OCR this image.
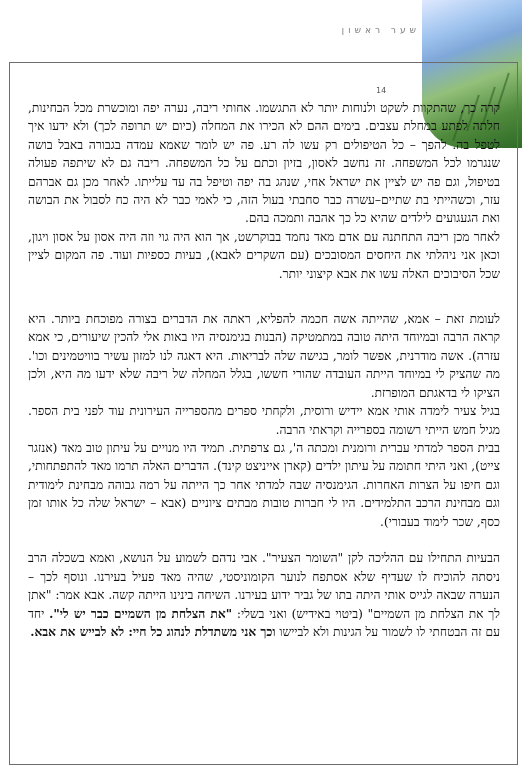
שער ראשון
14

קרה כך, שהתקוות לשקט ולנוחות יותר לא התגשמו. אחותי ריבה, נערה יפה ומוכשרת מכל הבחינות, חלתה לפתע במחלת עצבים. בימים ההם לא הכירו את המחלה (כיום יש תרופה לכך) ולא ידעו איך לטפל בה. להפך – כל הטיפולים רק עשו לה רע. פה יש לומר שאמא עמדה בגבורה באבל בושה שנגרמו לכל המשפחה. זה נחשב לאסון, בזיון וכתם על כל המשפחה. ריבה גם לא שיתפה פעולה בטיפול, וגם פה יש לציין את ישראל אחי, שנהג בה יפה וטיפל בה עד עלייתו. לאחר מכן גם אברהם עזר, וכשהייתי בת שתיים–עשרה כבר סחבתי בעול הזה, כי לאמי כבר לא היה כח לסבול את הבושה ואת הגעגועים לילדים שהיא כל כך אהבה ותמכה בהם.

לאחר מכן ריבה התחתנה עם אדם מאד נחמד בבוקרשט, אך הוא היה גוי וזה היה אסון על אסון ויגון, וכאן אני ניהלתי את היחסים המסובכים (עם השקרים לאבא), בעיות כספיות ועוד. פה המקום לציין שכל הסיבוכים האלה עשו את אבא קיצוני יותר.

לעומת זאת – אמא, שהייתה אשה חכמה להפליא, ראתה את הדברים בצורה מפוכחת ביותר. היא קראה הרבה ובמיוחד היתה טובה במתמטיקה (הבנות בגימנסיה היו באות אלי להכין שיעורים, כי אמא עזרה). אשה מודרנית, אפשר לומר, בגישה שלה לבריאות. היא דאגה לנו למזון עשיר בוויטמינים וכו'. מה שהציק לי במיוחד הייתה העובדה שהורי חששו, בגלל המחלה של ריבה שלא ידעו מה היא, ולכן הציקו לי בדאגתם המופרזת.

בגיל צעיר לימדה אותי אמא יידיש ורוסית, ולקחתי ספרים מהספרייה העירונית עוד לפני בית הספר. מגיל חמש הייתי רשומה בספרייה וקראתי הרבה.

בבית הספר למדתי עברית ורומנית ומכתה ה', גם צרפתית. תמיד היו מנויים על עיתון טוב מאד (אנזגר צייט), ואני היתי חתומה על עיתון ילדים (קארן אייניצט קינד). הדברים האלה תרמו מאד להתפתחותי, וגם חיפו על הצרות האחרות. הגימנסיה שבה למדתי אחר כך הייתה על רמה גבוהה מבחינת לימודית וגם מבחינת הרכב התלמידים. היו לי חברות טובות מבתים ציוניים (אבא – ישראל שלה כל אותו זמן כסף, שכר לימוד בעבורי).

הבעיות התחילו עם ההליכה לקן "השומר הצעיר". אבי נדהם לשמוע על הנושא, ואמא בשכלה הרב ניסתה להוכיח לו שעדיף שלא אסתפח לנוער הקומוניסטי, שהיה מאד פעיל בעירנו. ונוסף לכך – הנערה שבאה לגייס אותי היתה בתו של גביר ידוע בעירנו. השיחה בינינו הייתה קשה. אבא אמר: "אתן לך את הצלחת מן השמיים" (ביטוי באידיש) ואני בשלי: "את הצלחת מן השמיים כבר יש לי". יחד עם זה הבטחתי לו לשמור על הגינות ולא לביישו וכך אני משתדלת לנהוג כל חיי: לא לבייש את אבא.
